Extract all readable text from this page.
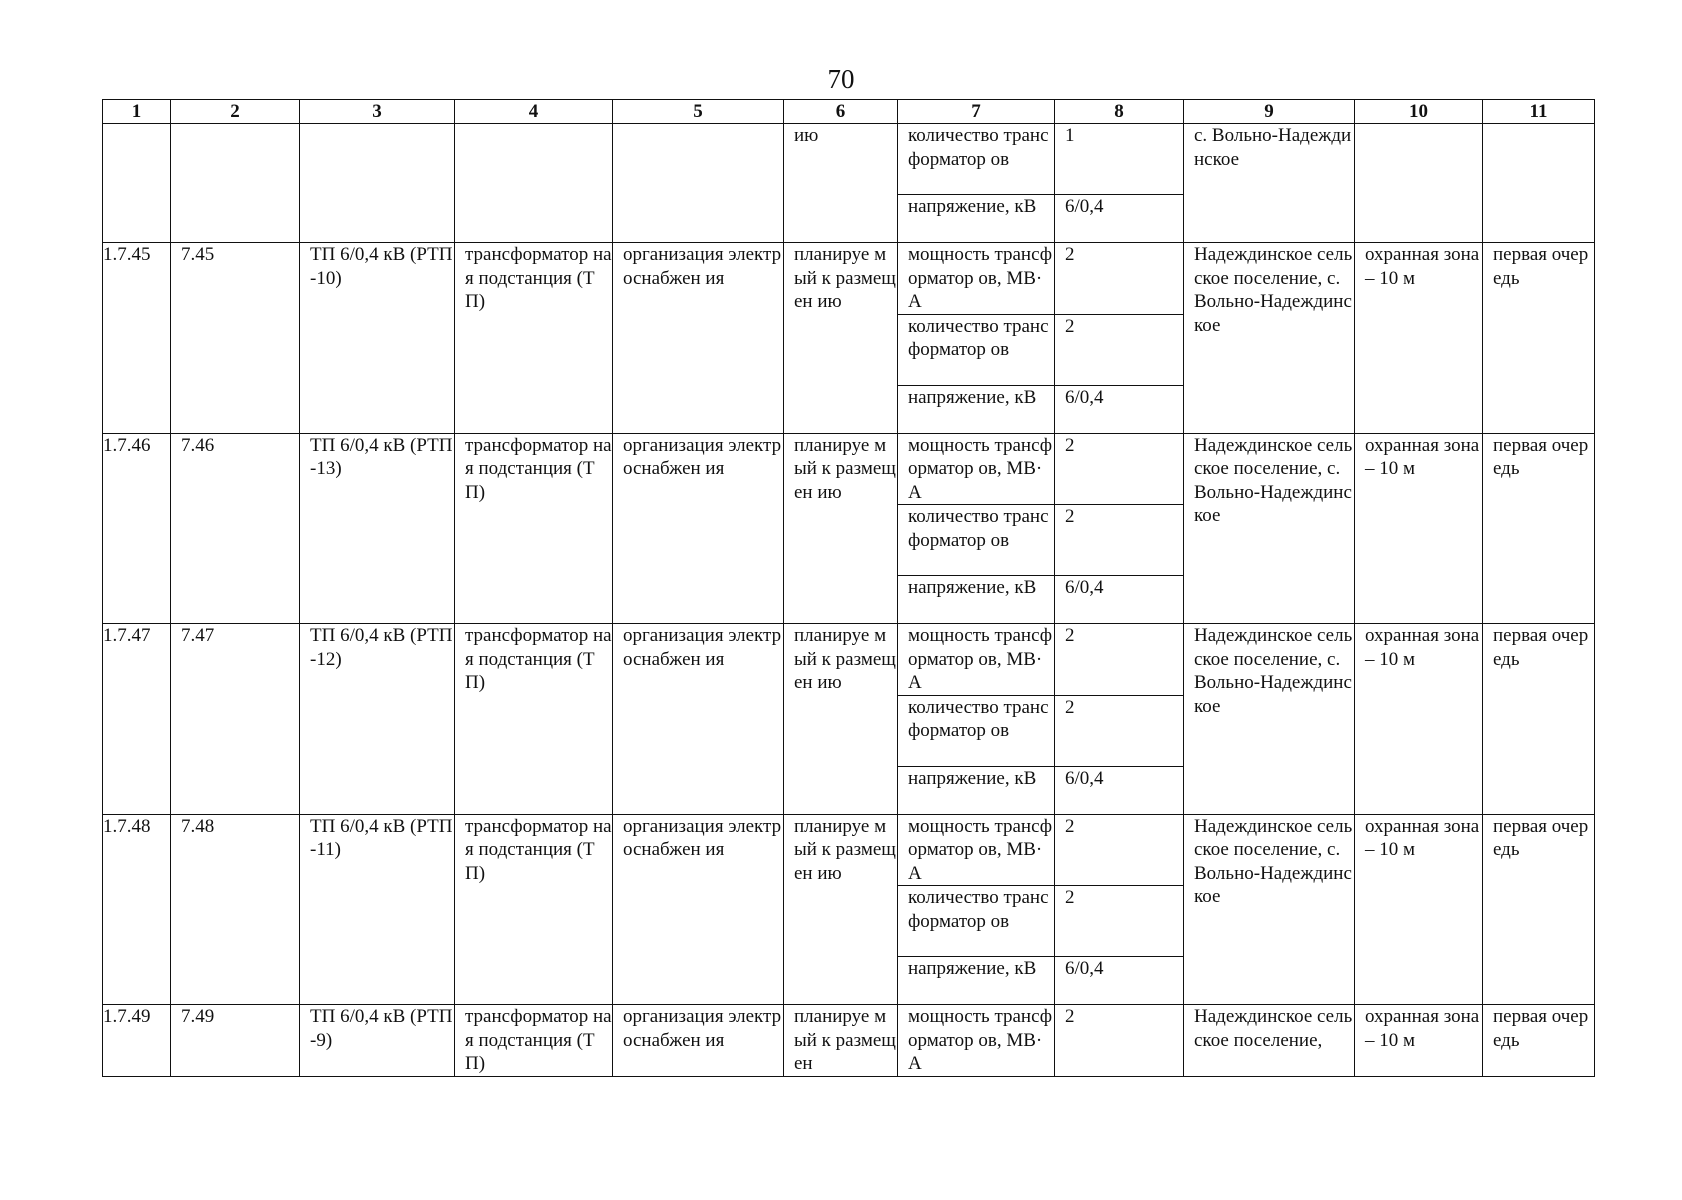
70
1	2	3	4	5	6	7	8	9	10	11
					ию	количество трансформатор ов	1	с. Вольно-Надеждинское		
						напряжение, кВ	6/0,4			
1.7.45	7.45	ТП 6/0,4 кВ (РТП-10)	трансформатор ная подстанция (ТП)	организация электроснабжен ия	планируе мый к размещен ию	мощность трансформатор ов, МВ·А	2	Надеждинское сельское поселение, с. Вольно-Надеждинское	охранная зона – 10 м	первая очередь
						количество трансформатор ов	2			
						напряжение, кВ	6/0,4			
1.7.46	7.46	ТП 6/0,4 кВ (РТП-13)	трансформатор ная подстанция (ТП)	организация электроснабжен ия	планируе мый к размещен ию	мощность трансформатор ов, МВ·А	2	Надеждинское сельское поселение, с. Вольно-Надеждинское	охранная зона – 10 м	первая очередь
						количество трансформатор ов	2			
						напряжение, кВ	6/0,4			
1.7.47	7.47	ТП 6/0,4 кВ (РТП-12)	трансформатор ная подстанция (ТП)	организация электроснабжен ия	планируе мый к размещен ию	мощность трансформатор ов, МВ·А	2	Надеждинское сельское поселение, с. Вольно-Надеждинское	охранная зона – 10 м	первая очередь
						количество трансформатор ов	2			
						напряжение, кВ	6/0,4			
1.7.48	7.48	ТП 6/0,4 кВ (РТП-11)	трансформатор ная подстанция (ТП)	организация электроснабжен ия	планируе мый к размещен ию	мощность трансформатор ов, МВ·А	2	Надеждинское сельское поселение, с. Вольно-Надеждинское	охранная зона – 10 м	первая очередь
						количество трансформатор ов	2			
						напряжение, кВ	6/0,4			
1.7.49	7.49	ТП 6/0,4 кВ (РТП-9)	трансформатор ная подстанция (ТП)	организация электроснабжен ия	планируе мый к размещен	мощность трансформатор ов, МВ·А	2	Надеждинское сельское поселение,	охранная зона – 10 м	первая очередь
